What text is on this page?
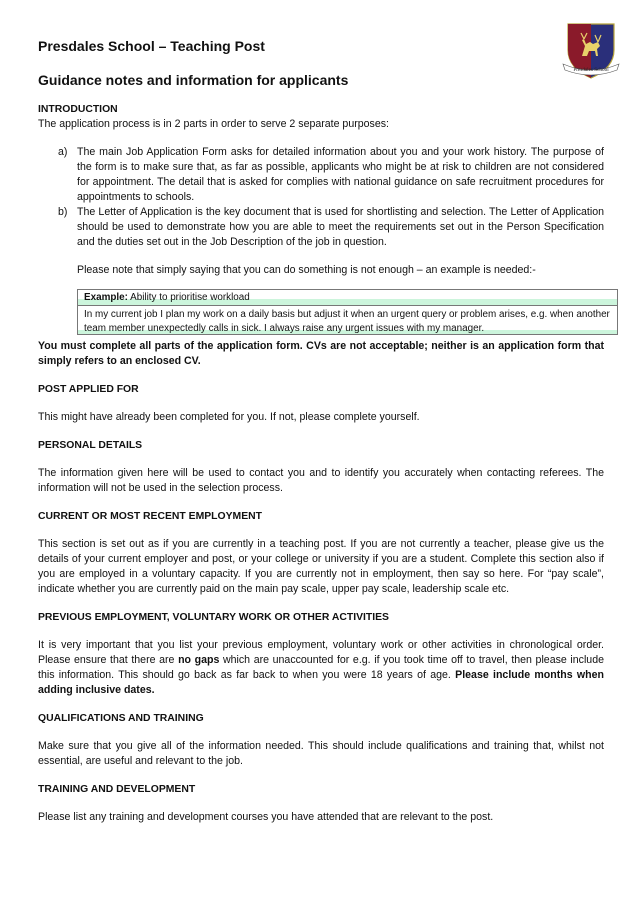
Presdales School – Teaching Post
Guidance notes and information for applicants
INTRODUCTION

The application process is in 2 parts in order to serve 2 separate purposes:

a) The main Job Application Form asks for detailed information about you and your work history. The purpose of the form is to make sure that, as far as possible, applicants who might be at risk to children are not considered for appointment. The detail that is asked for complies with national guidance on safe recruitment procedures for appointments to schools.
b) The Letter of Application is the key document that is used for shortlisting and selection. The Letter of Application should be used to demonstrate how you are able to meet the requirements set out in the Person Specification and the duties set out in the Job Description of the job in question.

Please note that simply saying that you can do something is not enough – an example is needed:-

Example: Ability to prioritise workload
In my current job I plan my work on a daily basis but adjust it when an urgent query or problem arises, e.g. when another team member unexpectedly calls in sick. I always raise any urgent issues with my manager.

You must complete all parts of the application form. CVs are not acceptable; neither is an application form that simply refers to an enclosed CV.

POST APPLIED FOR

This might have already been completed for you. If not, please complete yourself.

PERSONAL DETAILS

The information given here will be used to contact you and to identify you accurately when contacting referees. The information will not be used in the selection process.

CURRENT OR MOST RECENT EMPLOYMENT

This section is set out as if you are currently in a teaching post. If you are not currently a teacher, please give us the details of your current employer and post, or your college or university if you are a student. Complete this section also if you are employed in a voluntary capacity. If you are currently not in employment, then say so here. For “pay scale”, indicate whether you are currently paid on the main pay scale, upper pay scale, leadership scale etc.

PREVIOUS EMPLOYMENT, VOLUNTARY WORK OR OTHER ACTIVITIES

It is very important that you list your previous employment, voluntary work or other activities in chronological order. Please ensure that there are no gaps which are unaccounted for e.g. if you took time off to travel, then please include this information. This should go back as far back to when you were 18 years of age. Please include months when adding inclusive dates.

QUALIFICATIONS AND TRAINING

Make sure that you give all of the information needed. This should include qualifications and training that, whilst not essential, are useful and relevant to the job.

TRAINING AND DEVELOPMENT

Please list any training and development courses you have attended that are relevant to the post.

Presdales School
